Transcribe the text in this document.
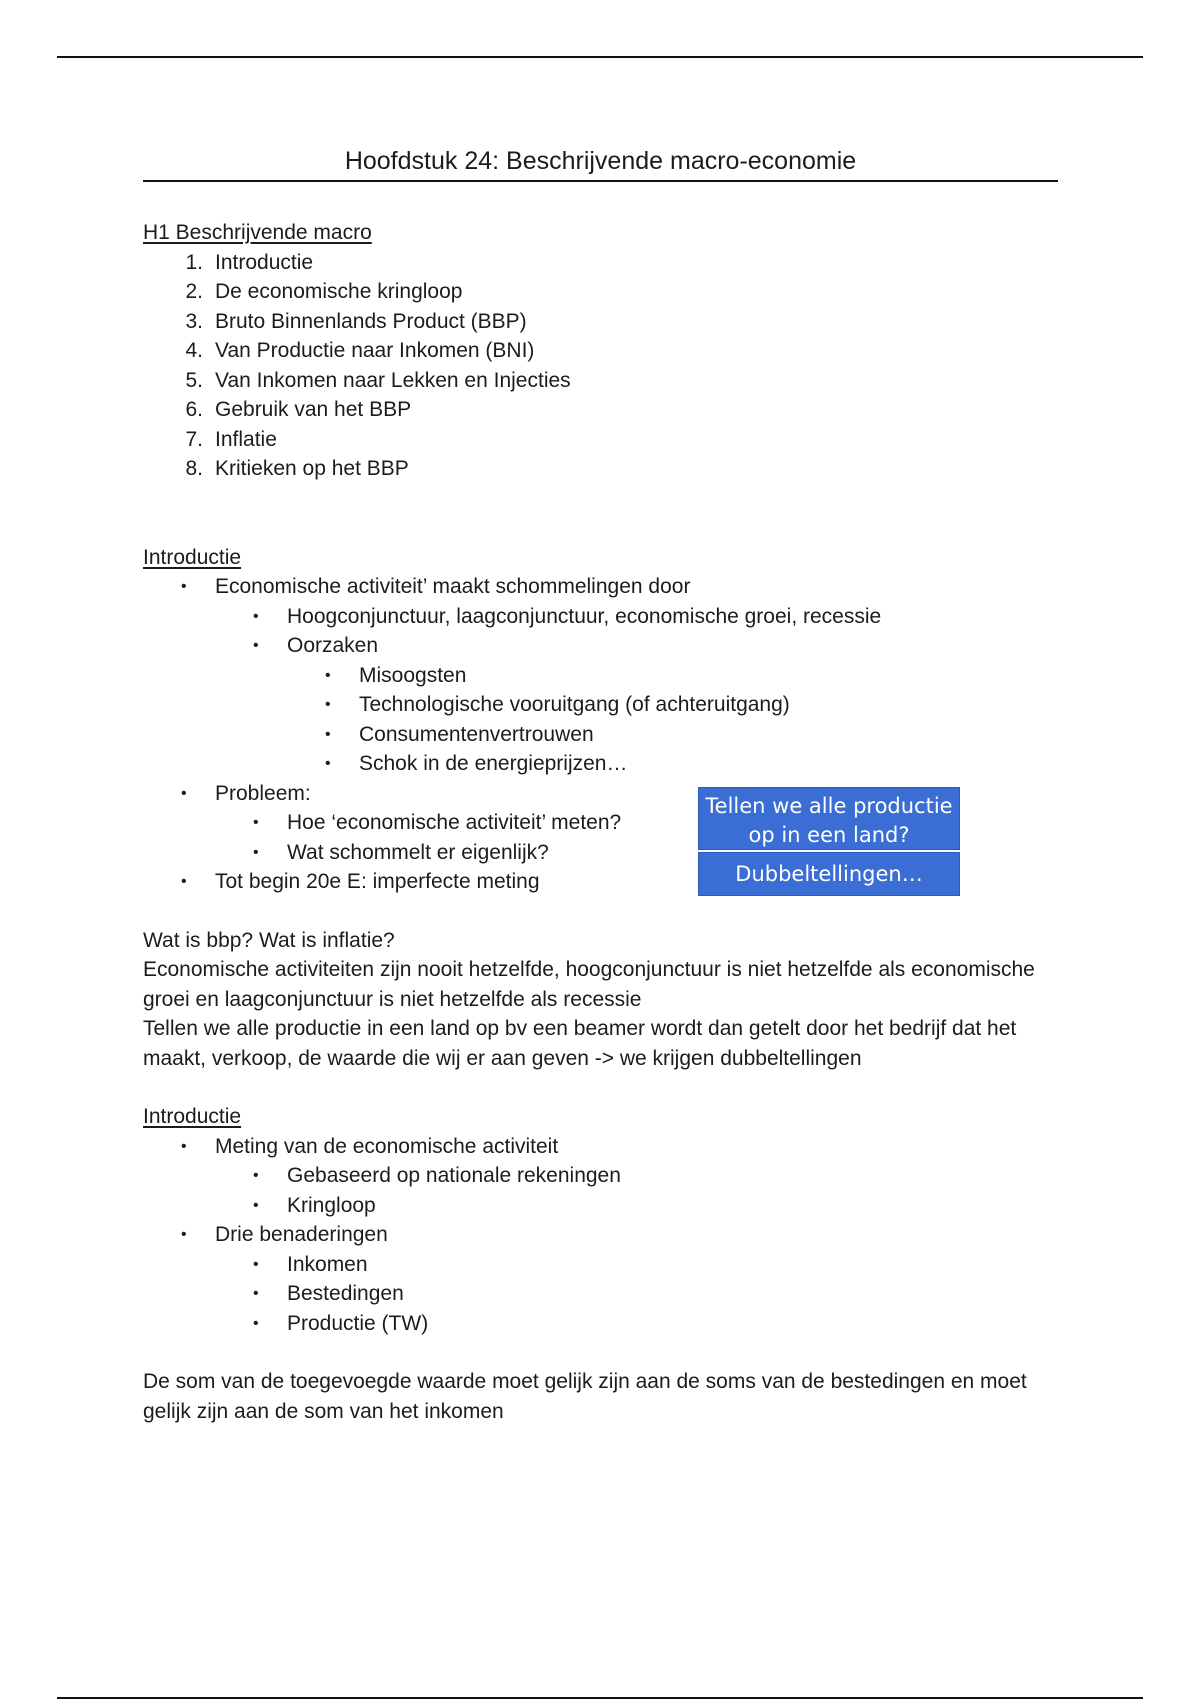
Hoofdstuk 24: Beschrijvende macro-economie

H1 Beschrijvende macro

1. Introductie
2. De economische kringloop
3. Bruto Binnenlands Product (BBP)
4. Van Productie naar Inkomen (BNI)
5. Van Inkomen naar Lekken en Injecties
6. Gebruik van het BBP
7. Inflatie
8. Kritieken op het BBP

Introductie

• Economische activiteit’ maakt schommelingen door
• Hoogconjunctuur, laagconjunctuur, economische groei, recessie
• Oorzaken
• Misoogsten
• Technologische vooruitgang (of achteruitgang)
• Consumentenvertrouwen
• Schok in de energieprijzen…
• Probleem:
• Hoe ‘economische activiteit’ meten?
• Wat schommelt er eigenlijk?
• Tot begin 20e E: imperfecte meting

Wat is bbp? Wat is inflatie?

Economische activiteiten zijn nooit hetzelfde, hoogconjunctuur is niet hetzelfde als economische groei en laagconjunctuur is niet hetzelfde als recessie

Tellen we alle productie in een land op bv een beamer wordt dan getelt door het bedrijf dat het maakt, verkoop, de waarde die wij er aan geven -> we krijgen dubbeltellingen

Introductie

• Meting van de economische activiteit
• Gebaseerd op nationale rekeningen
• Kringloop
• Drie benaderingen
• Inkomen
• Bestedingen
• Productie (TW)

De som van de toegevoegde waarde moet gelijk zijn aan de soms van de bestedingen en moet gelijk zijn aan de som van het inkomen

Tellen we alle productie op in een land?
Dubbeltellingen…
